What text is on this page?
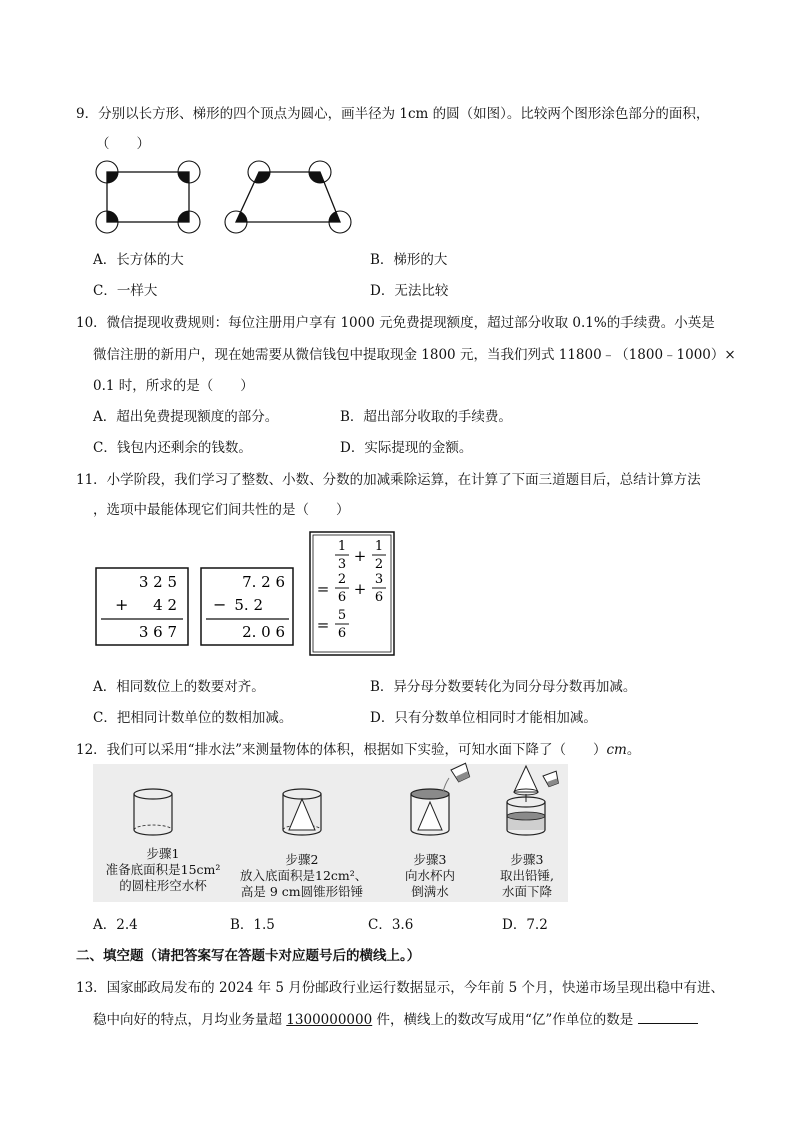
9．分别以长方形、梯形的四个顶点为圆心，画半径为 1cm 的圆（如图）。比较两个图形涂色部分的面积，
（　　）
A．长方体的大	B．梯形的大
C．一样大	D．无法比较
10．微信提现收费规则：每位注册用户享有 1000 元免费提现额度，超过部分收取 0.1%的手续费。小英是
微信注册的新用户，现在她需要从微信钱包中提取现金 1800 元，当我们列式 11800﹣（1800﹣1000）×
0.1 时，所求的是（　　）
A．超出免费提现额度的部分。	B．超出部分收取的手续费。
C．钱包内还剩余的钱数。	D．实际提现的金额。
11．小学阶段，我们学习了整数、小数、分数的加减乘除运算，在计算了下面三道题目后，总结计算方法
，选项中最能体现它们间共性的是（　　）
3 2 5
+ 4 2
3 6 7
7. 2 6
− 5. 2
2. 0 6
1
3 +
1
2
=
2
6 +
3
6
=
5
6
A．相同数位上的数要对齐。	B．异分母分数要转化为同分母分数再加减。
C．把相同计数单位的数相加减。	D．只有分数单位相同时才能相加减。
12．我们可以采用“排水法”来测量物体的体积，根据如下实验，可知水面下降了（　　）cm。
步骤1
准备底面积是15cm²
的圆柱形空水杯
步骤2
放入底面积是12cm²、
高是 9 cm圆锥形铅锤
步骤3
向水杯内
倒满水
步骤3
取出铅锤,
水面下降
A．2.4	B．1.5	C．3.6	D．7.2
二、填空题（请把答案写在答题卡对应题号后的横线上。）
13．国家邮政局发布的 2024 年 5 月份邮政行业运行数据显示，今年前 5 个月，快递市场呈现出稳中有进、
稳中向好的特点，月均业务量超 1300000000 件，横线上的数改写成用“亿”作单位的数是
